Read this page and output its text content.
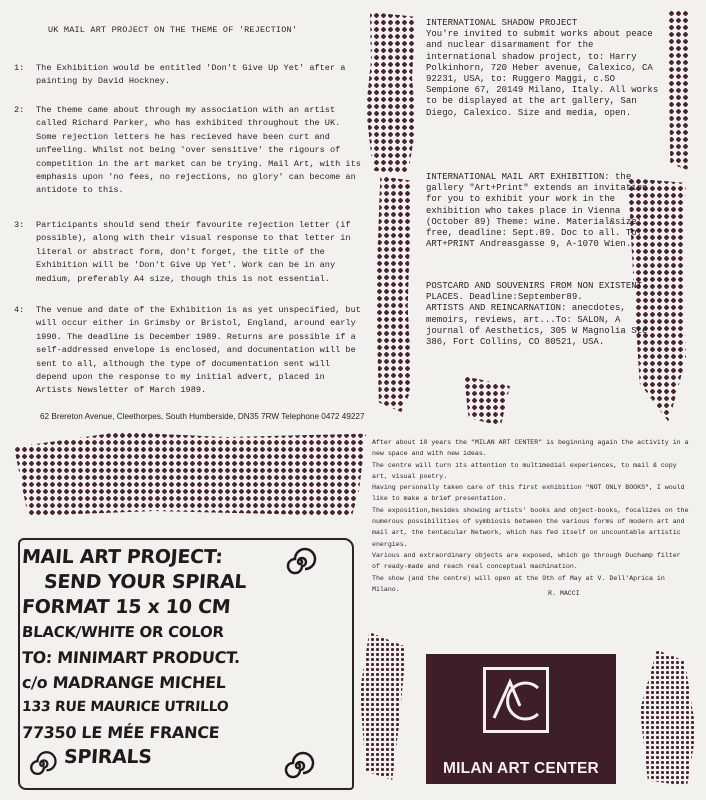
UK MAIL ART PROJECT ON THE THEME OF 'REJECTION'
1:	The Exhibition would be entitled 'Don't Give Up Yet' after a painting by David Hockney.
2:	The theme came about through my association with an artist called Richard Parker, who has exhibited throughout the UK. Some rejection letters he has recieved have been curt and unfeeling. Whilst not being 'over sensitive' the rigours of competition in the art market can be trying. Mail Art, with its emphasis upon 'no fees, no rejections, no glory' can become an antidote to this.
3:	Participants should send their favourite rejection letter (if possible), along with their visual response to that letter in literal or abstract form, don't forget, the title of the Exhibition will be 'Don't Give Up Yet'. Work can be in any medium, preferably A4 size, though this is not essential.
4:	The venue and date of the Exhibition is as yet unspecified, but will occur either in Grimsby or Bristol, England, around early 1990. The deadline is December 1989. Returns are possible if a self-addressed envelope is enclosed, and documentation will be sent to all, although the type of documentation sent will depend upon the response to my initial advert, placed in Artists Newsletter of March 1989.
62 Brereton Avenue, Cleethorpes, South Humberside, DN35 7RW Telephone 0472 49227
INTERNATIONAL SHADOW PROJECT
You're invited to submit works about peace and nuclear disarmament for the international shadow project, to: Harry Polkinhorn, 720 Heber avenue, Calexico, CA 92231, USA, to: Ruggero Maggi, c.SO Sempione 67, 20149 Milano, Italy. All works to be displayed at the art gallery, San Diego, Calexico. Size and media, open.
INTERNATIONAL MAIL ART EXHIBITION: the gallery "Art+Print" extends an invitation for you to exhibit your work in the exhibition who takes place in Vienna (October 89) Theme: wine. Material&size: free, deadline: Sept.89. Doc to all. To: ART+PRINT Andreasgasse 9, A-1070 Wien.
POSTCARD AND SOUVENIRS FROM NON EXISTENT PLACES. Deadline:September89.
ARTISTS AND REINCARNATION: anecdotes, memoirs, reviews, art...To: SALON, A journal of Aesthetics, 305 W Magnolia Ste 386, Fort Collins, CO 80521, USA.
After about 10 years the "MILAN ART CENTER" is beginning again the activity in a new space and with new ideas.
The centre will turn its attention to multimedial experiences, to mail & copy art, visual poetry.
Having personally taken care of this first exhibition "NOT ONLY BOOKS", I would like to make a brief presentation.
The exposition,besides showing artists' books and object-books, focalizes on the numerous possibilities of symbiosis between the various forms of modern art and mail art, the tentacular Network, which has fed itself on uncountable artistic energies.
Various and extraordinary objects are exposed, which go through Duchamp filter of ready-made and reach real conceptual machination.
The show (and the centre) will open at the 9th of May at V. Dell'Aprica in Milano.
R. MACCI
MILAN ART CENTER
MAIL ART PROJECT:
SEND YOUR SPIRAL
FORMAT 15 x 10 CM
BLACK/WHITE OR COLOR
TO: MINIMART PRODUCT.
c/o MADRANGE MICHEL
133 RUE MAURICE UTRILLO
77350 LE MÉE FRANCE
SPIRALS
